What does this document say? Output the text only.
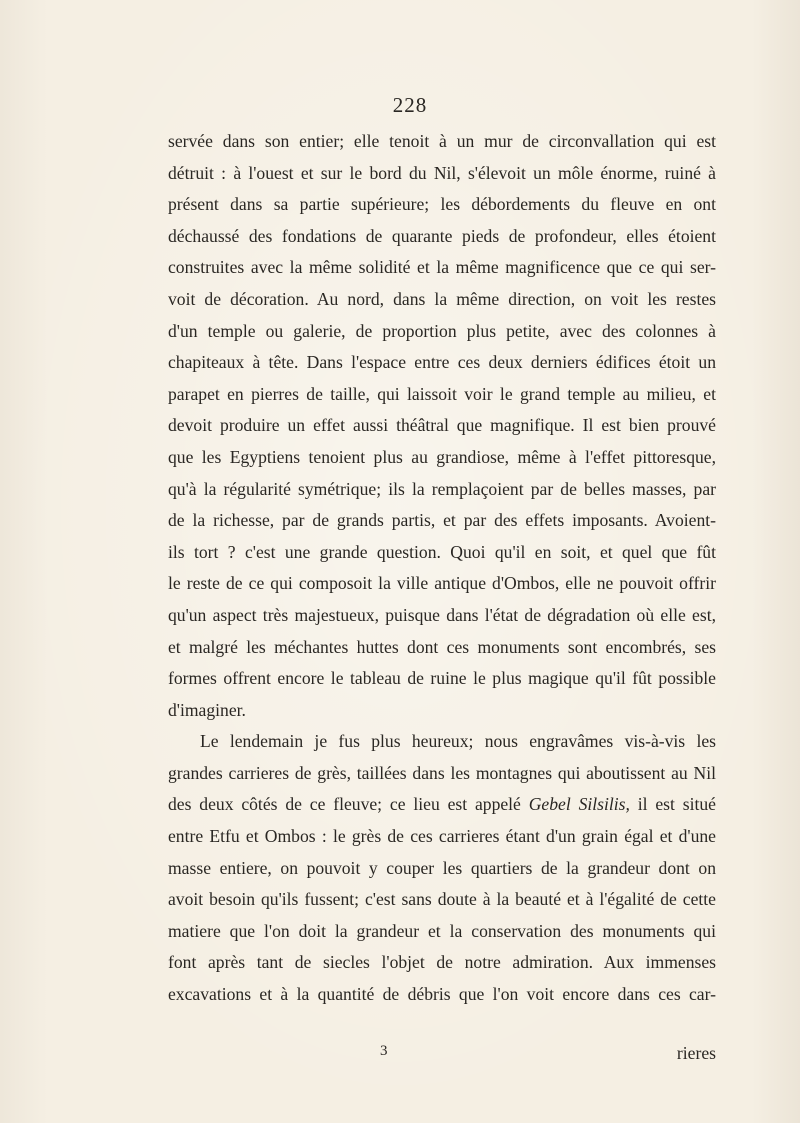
228
servée dans son entier; elle tenoit à un mur de circonvallation qui est
détruit : à l'ouest et sur le bord du Nil, s'élevoit un môle énorme, ruiné à
présent dans sa partie supérieure; les débordements du fleuve en ont
déchaussé des fondations de quarante pieds de profondeur, elles étoient
construites avec la même solidité et la même magnificence que ce qui ser-
voit de décoration. Au nord, dans la même direction, on voit les restes
d'un temple ou galerie, de proportion plus petite, avec des colonnes à
chapiteaux à tête. Dans l'espace entre ces deux derniers édifices étoit un
parapet en pierres de taille, qui laissoit voir le grand temple au milieu, et
devoit produire un effet aussi théâtral que magnifique. Il est bien prouvé
que les Egyptiens tenoient plus au grandiose, même à l'effet pittoresque,
qu'à la régularité symétrique; ils la remplaçoient par de belles masses, par
de la richesse, par de grands partis, et par des effets imposants. Avoient-
ils tort ? c'est une grande question. Quoi qu'il en soit, et quel que fût
le reste de ce qui composoit la ville antique d'Ombos, elle ne pouvoit offrir
qu'un aspect très majestueux, puisque dans l'état de dégradation où elle est,
et malgré les méchantes huttes dont ces monuments sont encombrés, ses
formes offrent encore le tableau de ruine le plus magique qu'il fût possible
d'imaginer.
Le lendemain je fus plus heureux; nous engravâmes vis-à-vis les
grandes carrieres de grès, taillées dans les montagnes qui aboutissent au Nil
des deux côtés de ce fleuve; ce lieu est appelé Gebel Silsilis, il est situé
entre Etfu et Ombos : le grès de ces carrieres étant d'un grain égal et d'une
masse entiere, on pouvoit y couper les quartiers de la grandeur dont on
avoit besoin qu'ils fussent; c'est sans doute à la beauté et à l'égalité de cette
matiere que l'on doit la grandeur et la conservation des monuments qui
font après tant de siecles l'objet de notre admiration. Aux immenses
excavations et à la quantité de débris que l'on voit encore dans ces car-
3	rieres
